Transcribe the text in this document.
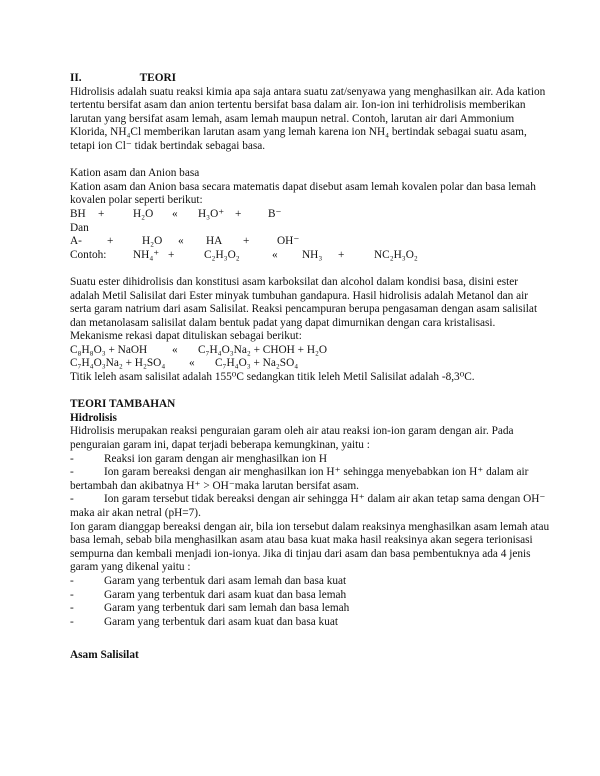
II.	TEORI

Hidrolisis adalah suatu reaksi kimia apa saja antara suatu zat/senyawa yang menghasilkan air. Ada kation tertentu bersifat asam dan anion tertentu bersifat basa dalam air. Ion-ion ini terhidrolisis memberikan larutan yang bersifat asam lemah, asam lemah maupun netral. Contoh, larutan air dari Ammonium Klorida, NH₄Cl memberikan larutan asam yang lemah karena ion NH₄ bertindak sebagai suatu asam, tetapi ion Cl⁻ tidak bertindak sebagai basa.

Kation asam dan Anion basa

Kation asam dan Anion basa secara matematis dapat disebut asam lemah kovalen polar dan basa lemah kovalen polar seperti berikut:

BH +	H₂O « H₃O⁺ + B⁻

Dan

A- +	H₂O « HA + OH⁻
Contoh: NH₄⁺ +	C₂H₃O₂	« NH₃ +	NC₂H₃O₂

Suatu ester dihidrolisis dan konstitusi asam karboksilat dan alcohol dalam kondisi basa, disini ester adalah Metil Salisilat dari Ester minyak tumbuhan gandapura. Hasil hidrolisis adalah Metanol dan air serta garam natrium dari asam Salisilat. Reaksi pencampuran berupa pengasaman dengan asam salisilat dan metanolasam salisilat dalam bentuk padat yang dapat dimurnikan dengan cara kristalisasi.

Mekanisme rekasi dapat dituliskan sebagai berikut:

C₈H₈O₃ + NaOH « C₇H₄O₃Na₂ + CHOH + H₂O
C₇H₄O₃Na₂ + H₂SO₄ « C₇H₄O₃ + Na₂SO₄

Titik leleh asam salisilat adalah 155⁰C sedangkan titik leleh Metil Salisilat adalah -8,3⁰C.

TEORI TAMBAHAN

Hidrolisis

Hidrolisis merupakan reaksi penguraian garam oleh air atau reaksi ion-ion garam dengan air. Pada penguraian garam ini, dapat terjadi beberapa kemungkinan, yaitu :

-	Reaksi ion garam dengan air menghasilkan ion H
-	Ion garam bereaksi dengan air menghasilkan ion H⁺ sehingga menyebabkan ion H⁺ dalam air bertambah dan akibatnya H⁺ > OH⁻maka larutan bersifat asam.
-	Ion garam tersebut tidak bereaksi dengan air sehingga H⁺ dalam air akan tetap sama dengan OH⁻ maka air akan netral (pH=7).

Ion garam dianggap bereaksi dengan air, bila ion tersebut dalam reaksinya menghasilkan asam lemah atau basa lemah, sebab bila menghasilkan asam atau basa kuat maka hasil reaksinya akan segera terionisasi sempurna dan kembali menjadi ion-ionya. Jika di tinjau dari asam dan basa pembentuknya ada 4 jenis garam yang dikenal yaitu :

-	Garam yang terbentuk dari asam lemah dan basa kuat
-	Garam yang terbentuk dari asam kuat dan basa lemah
-	Garam yang terbentuk dari sam lemah dan basa lemah
-	Garam yang terbentuk dari asam kuat dan basa kuat

Asam Salisilat
